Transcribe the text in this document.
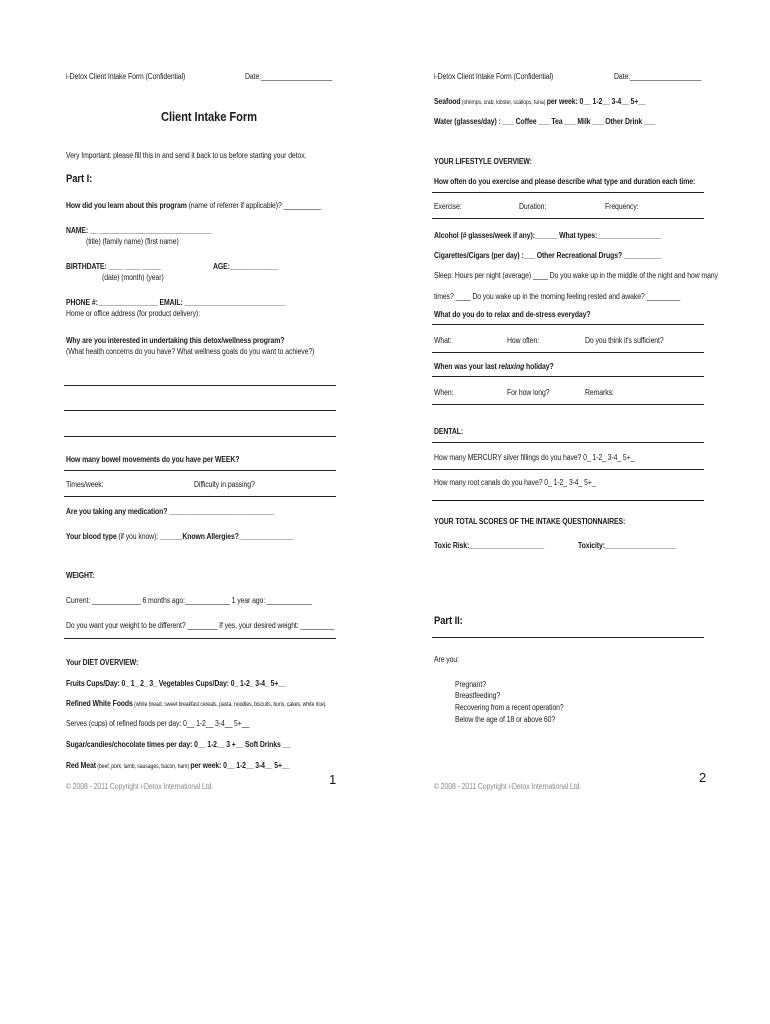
i-Detox Client Intake Form (Confidential)	Date:___________________
Client Intake Form
Very Important: please fill this in and send it back to us before starting your detox.
Part I:
How did you learn about this program (name of referrer if applicable)? __________
NAME: __ ______________________________
(title) (family name) (first name)
BIRTHDATE: ____ ____ _____	AGE:_____________
(date) (month) (year)
PHONE #:________________ EMAIL: ___________________________
Home or office address (for product delivery):
Why are you interested in undertaking this detox/wellness program?
(What health concerns do you have? What wellness goals do you want to achieve?)
How many bowel movements do you have per WEEK?
Times/week:	Difficulty in passing?
Are you taking any medication? ____________________________
Your blood type (if you know): ______Known Allergies? ______________
WEIGHT:
Current: _____________ 6 months ago:____________ 1 year ago: ____________
Do you want your weight to be different? ________ If yes, your desired weight: _________
Your DIET OVERVIEW:
Fruits Cups/Day: 0_ 1_ 2_ 3_ Vegetables Cups/Day: 0_ 1-2_ 3-4_ 5+__
Refined White Foods (white bread, sweet breakfast cereals, pasta, noodles, biscuits, buns, cakes, white rice).
Serves (cups) of refined foods per day: 0__ 1-2__ 3-4__ 5+__
Sugar/candies/chocolate times per day: 0__ 1-2__ 3 +__ Soft Drinks __
Red Meat (beef, pork, lamb, sausages, bacon, ham) per week: 0__ 1-2__ 3-4__ 5+__
1
© 2008 - 2011 Copyright i-Detox International Ltd.
i-Detox Client Intake Form (Confidential)	Date:___________________
Seafood (shrimps, crab, lobster, scallops, tuna) per week: 0__ 1-2__ 3-4__ 5+__
Water (glasses/day) : ___ Coffee ___ Tea ___ Milk ___ Other Drink ___
YOUR LIFESTYLE OVERVIEW:
How often do you exercise and please describe what type and duration each time:
Exercise:	Duration:	Frequency:
Alcohol (# glasses/week if any):______ What types:_________________
Cigarettes/Cigars (per day) :___ Other Recreational Drugs? __________
Sleep: Hours per night (average) ____ Do you wake up in the middle of the night and how many
times? ____ Do you wake up in the morning feeling rested and awake? _________
What do you do to relax and de-stress everyday?
What:	How often:	Do you think it's sufficient?
When was your last relaxing holiday?
When:	For how long?	Remarks:
DENTAL:
How many MERCURY silver fillings do you have? 0_ 1-2_ 3-4_ 5+_
How many root canals do you have? 0_ 1-2_ 3-4_ 5+_
YOUR TOTAL SCORES OF THE INTAKE QUESTIONNAIRES:
Toxic Risk:____________________	Toxicity:___________________
Part II:
Are you:
Pregnant?
Breastfeeding?
Recovering from a recent operation?
Below the age of 18 or above 60?
2
© 2008 - 2011 Copyright i-Detox International Ltd.
